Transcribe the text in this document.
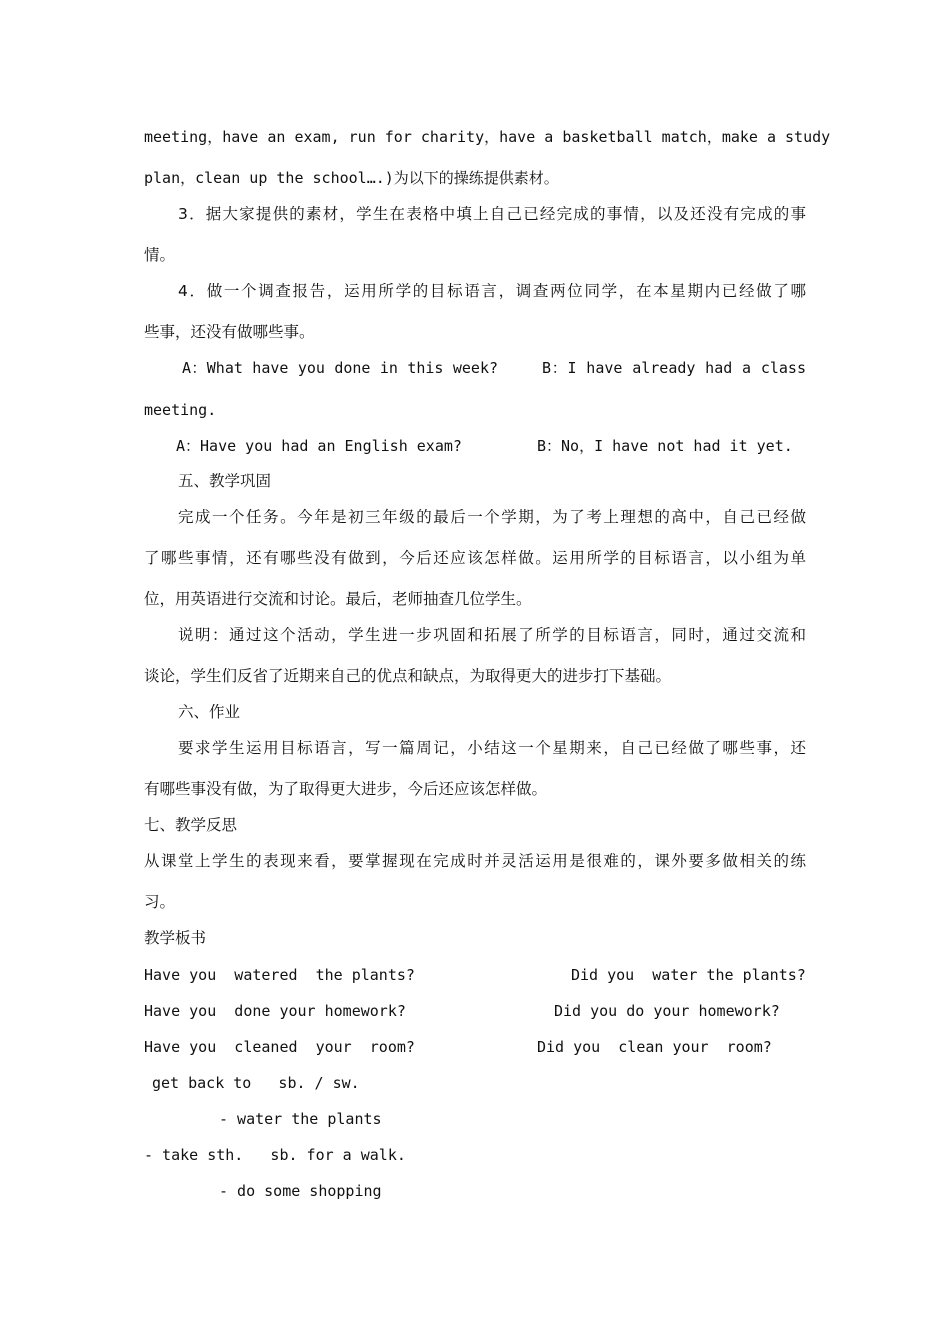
meeting，have an exam, run for charity，have a basketball match，make a study
plan，clean up the school….)为以下的操练提供素材。
3．据大家提供的素材，学生在表格中填上自己已经完成的事情，以及还没有完成的事
情。
4．做一个调查报告，运用所学的目标语言，调查两位同学，在本星期内已经做了哪
些事，还没有做哪些事。
A：What have you done in this week?	B：I have already had a class
meeting.
A：Have you had an English exam?	B：No，I have not had it yet.
五、教学巩固
完成一个任务。今年是初三年级的最后一个学期，为了考上理想的高中，自己已经做
了哪些事情，还有哪些没有做到，今后还应该怎样做。运用所学的目标语言，以小组为单
位，用英语进行交流和讨论。最后，老师抽查几位学生。
说明：通过这个活动，学生进一步巩固和拓展了所学的目标语言，同时，通过交流和
谈论，学生们反省了近期来自己的优点和缺点，为取得更大的进步打下基础。
六、作业
要求学生运用目标语言，写一篇周记，小结这一个星期来，自己已经做了哪些事，还
有哪些事没有做，为了取得更大进步，今后还应该怎样做。
七、教学反思
从课堂上学生的表现来看，要掌握现在完成时并灵活运用是很难的，课外要多做相关的练
习。
教学板书
Have you  watered  the plants?	Did you  water the plants?
Have you  done your homework?	Did you do your homework?
Have you  cleaned  your  room?	Did you  clean your  room?
get back to   sb. / sw.
- water the plants
- take sth.   sb. for a walk.
- do some shopping
